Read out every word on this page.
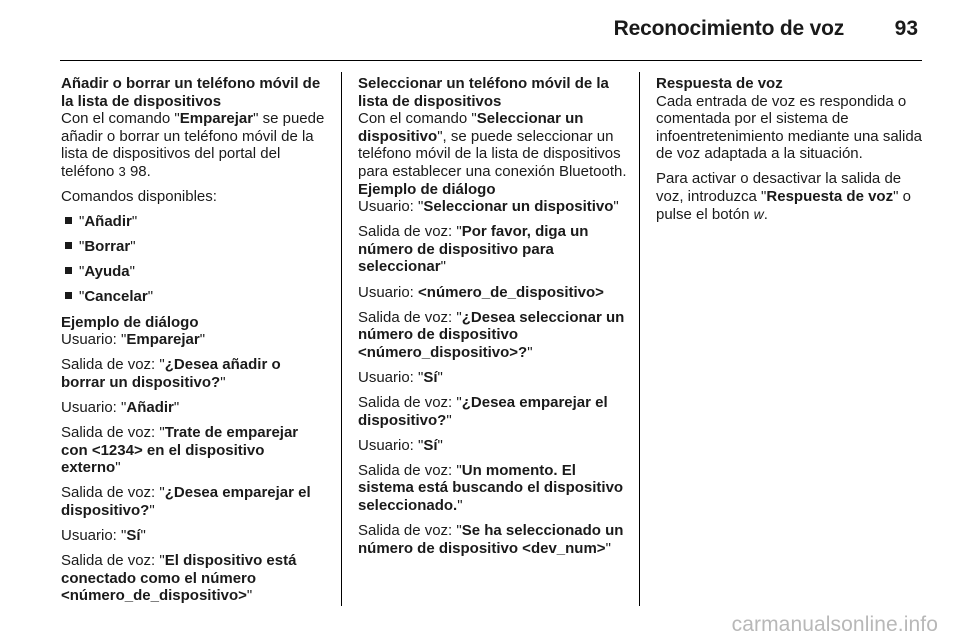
Reconocimiento de voz 93

Añadir o borrar un teléfono móvil de la lista de dispositivos

Con el comando "Emparejar" se puede añadir o borrar un teléfono móvil de la lista de dispositivos del portal del teléfono 3 98.

Comandos disponibles:

"Añadir"
"Borrar"
"Ayuda"
"Cancelar"

Ejemplo de diálogo

Usuario: "Emparejar"

Salida de voz: "¿Desea añadir o borrar un dispositivo?"

Usuario: "Añadir"

Salida de voz: "Trate de emparejar con <1234> en el dispositivo externo"

Salida de voz: "¿Desea emparejar el dispositivo?"

Usuario: "Sí"

Salida de voz: "El dispositivo está conectado como el número <número_de_dispositivo>"

Seleccionar un teléfono móvil de la lista de dispositivos

Con el comando "Seleccionar un dispositivo", se puede seleccionar un teléfono móvil de la lista de dispositivos para establecer una conexión Bluetooth.

Ejemplo de diálogo

Usuario: "Seleccionar un dispositivo"

Salida de voz: "Por favor, diga un número de dispositivo para seleccionar"

Usuario: <número_de_dispositivo>

Salida de voz: "¿Desea seleccionar un número de dispositivo <número_dispositivo>?"

Usuario: "Sí"

Salida de voz: "¿Desea emparejar el dispositivo?"

Usuario: "Sí"

Salida de voz: "Un momento. El sistema está buscando el dispositivo seleccionado."

Salida de voz: "Se ha seleccionado un número de dispositivo <dev_num>"

Respuesta de voz

Cada entrada de voz es respondida o comentada por el sistema de infoentretenimiento mediante una salida de voz adaptada a la situación.

Para activar o desactivar la salida de voz, introduzca "Respuesta de voz" o pulse el botón w.

carmanualsonline.info
